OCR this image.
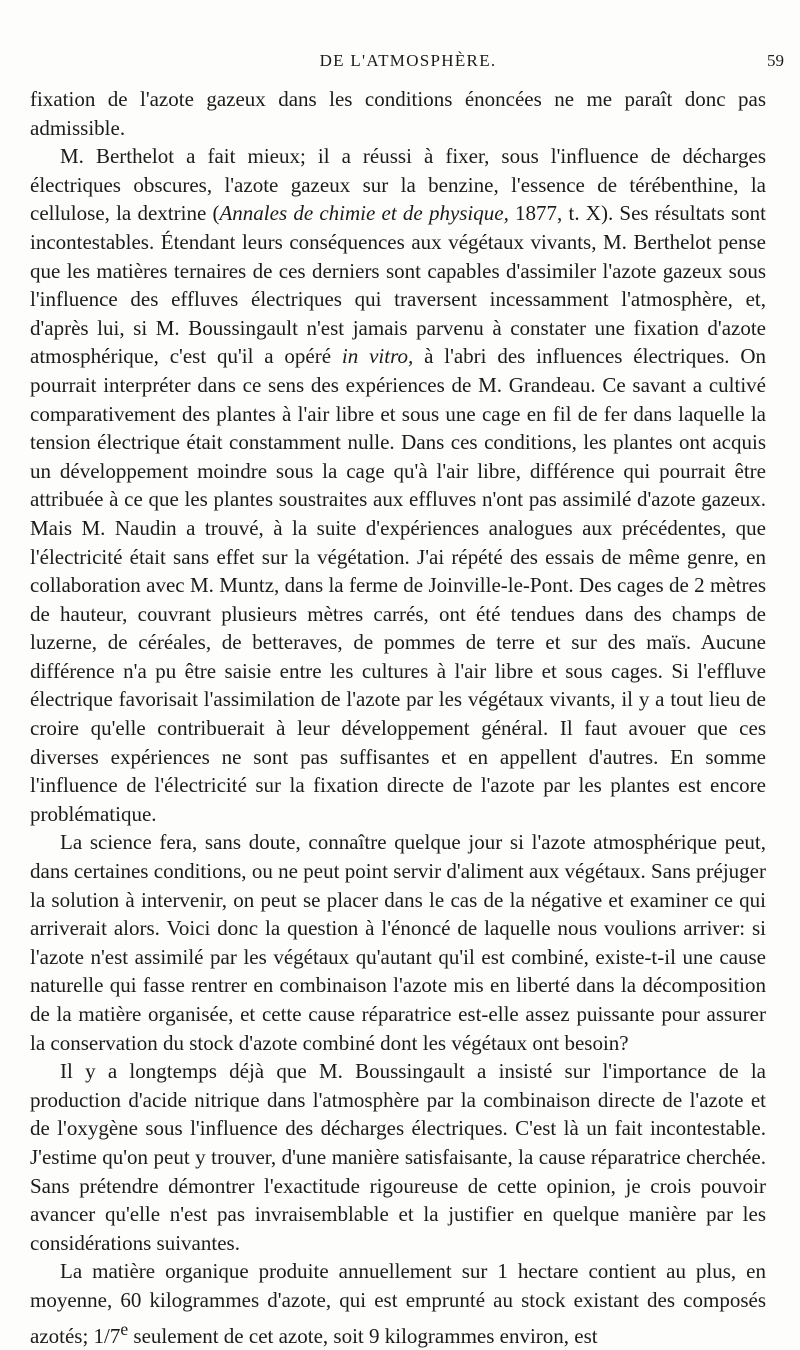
DE L'ATMOSPHÈRE.	59

fixation de l'azote gazeux dans les conditions énoncées ne me paraît donc pas admissible.

M. Berthelot a fait mieux; il a réussi à fixer, sous l'influence de décharges électriques obscures, l'azote gazeux sur la benzine, l'essence de térébenthine, la cellulose, la dextrine (Annales de chimie et de physique, 1877, t. X). Ses résultats sont incontestables. Étendant leurs conséquences aux végétaux vivants, M. Berthelot pense que les matières ternaires de ces derniers sont capables d'assimiler l'azote gazeux sous l'influence des effluves électriques qui traversent incessamment l'atmosphère, et, d'après lui, si M. Boussingault n'est jamais parvenu à constater une fixation d'azote atmosphérique, c'est qu'il a opéré in vitro, à l'abri des influences électriques. On pourrait interpréter dans ce sens des expériences de M. Grandeau. Ce savant a cultivé comparativement des plantes à l'air libre et sous une cage en fil de fer dans laquelle la tension électrique était constamment nulle. Dans ces conditions, les plantes ont acquis un développement moindre sous la cage qu'à l'air libre, différence qui pourrait être attribuée à ce que les plantes soustraites aux effluves n'ont pas assimilé d'azote gazeux. Mais M. Naudin a trouvé, à la suite d'expériences analogues aux précédentes, que l'électricité était sans effet sur la végétation. J'ai répété des essais de même genre, en collaboration avec M. Muntz, dans la ferme de Joinville-le-Pont. Des cages de 2 mètres de hauteur, couvrant plusieurs mètres carrés, ont été tendues dans des champs de luzerne, de céréales, de betteraves, de pommes de terre et sur des maïs. Aucune différence n'a pu être saisie entre les cultures à l'air libre et sous cages. Si l'effluve électrique favorisait l'assimilation de l'azote par les végétaux vivants, il y a tout lieu de croire qu'elle contribuerait à leur développement général. Il faut avouer que ces diverses expériences ne sont pas suffisantes et en appellent d'autres. En somme l'influence de l'électricité sur la fixation directe de l'azote par les plantes est encore problématique.

La science fera, sans doute, connaître quelque jour si l'azote atmosphérique peut, dans certaines conditions, ou ne peut point servir d'aliment aux végétaux. Sans préjuger la solution à intervenir, on peut se placer dans le cas de la négative et examiner ce qui arriverait alors. Voici donc la question à l'énoncé de laquelle nous voulions arriver: si l'azote n'est assimilé par les végétaux qu'autant qu'il est combiné, existe-t-il une cause naturelle qui fasse rentrer en combinaison l'azote mis en liberté dans la décomposition de la matière organisée, et cette cause réparatrice est-elle assez puissante pour assurer la conservation du stock d'azote combiné dont les végétaux ont besoin?

Il y a longtemps déjà que M. Boussingault a insisté sur l'importance de la production d'acide nitrique dans l'atmosphère par la combinaison directe de l'azote et de l'oxygène sous l'influence des décharges électriques. C'est là un fait incontestable. J'estime qu'on peut y trouver, d'une manière satisfaisante, la cause réparatrice cherchée. Sans prétendre démontrer l'exactitude rigoureuse de cette opinion, je crois pouvoir avancer qu'elle n'est pas invraisemblable et la justifier en quelque manière par les considérations suivantes.

La matière organique produite annuellement sur 1 hectare contient au plus, en moyenne, 60 kilogrammes d'azote, qui est emprunté au stock existant des composés azotés; 1/7e seulement de cet azote, soit 9 kilogrammes environ, est
